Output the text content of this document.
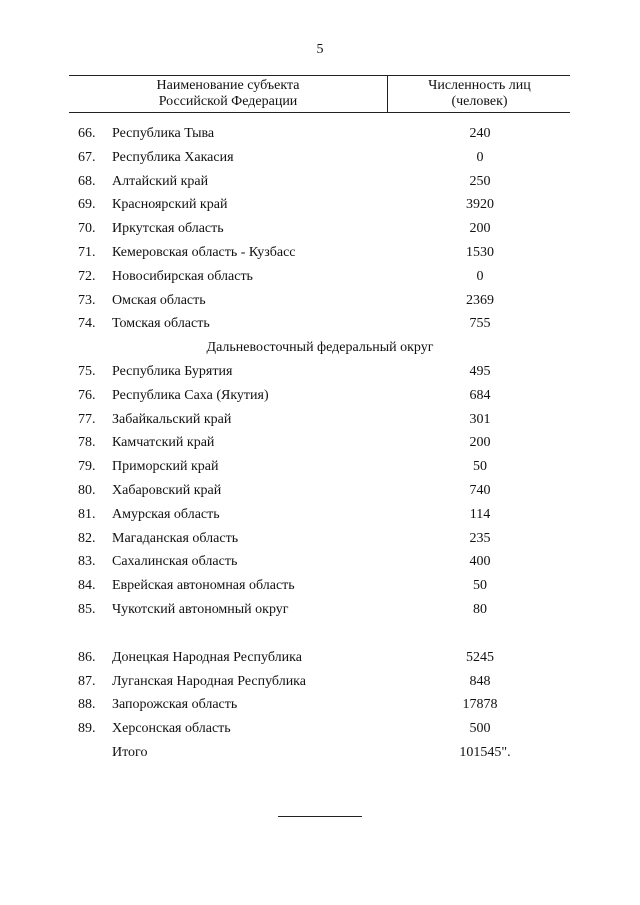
5
Наименование субъекта
Российской Федерации
Численность лиц
(человек)
66.	Республика Тыва	240
67.	Республика Хакасия	0
68.	Алтайский край	250
69.	Красноярский край	3920
70.	Иркутская область	200
71.	Кемеровская область - Кузбасс	1530
72.	Новосибирская область	0
73.	Омская область	2369
74.	Томская область	755
Дальневосточный федеральный округ
75.	Республика Бурятия	495
76.	Республика Саха (Якутия)	684
77.	Забайкальский край	301
78.	Камчатский край	200
79.	Приморский край	50
80.	Хабаровский край	740
81.	Амурская область	114
82.	Магаданская область	235
83.	Сахалинская область	400
84.	Еврейская автономная область	50
85.	Чукотский автономный округ	80
86.	Донецкая Народная Республика	5245
87.	Луганская Народная Республика	848
88.	Запорожская область	17878
89.	Херсонская область	500
Итого	101545".
